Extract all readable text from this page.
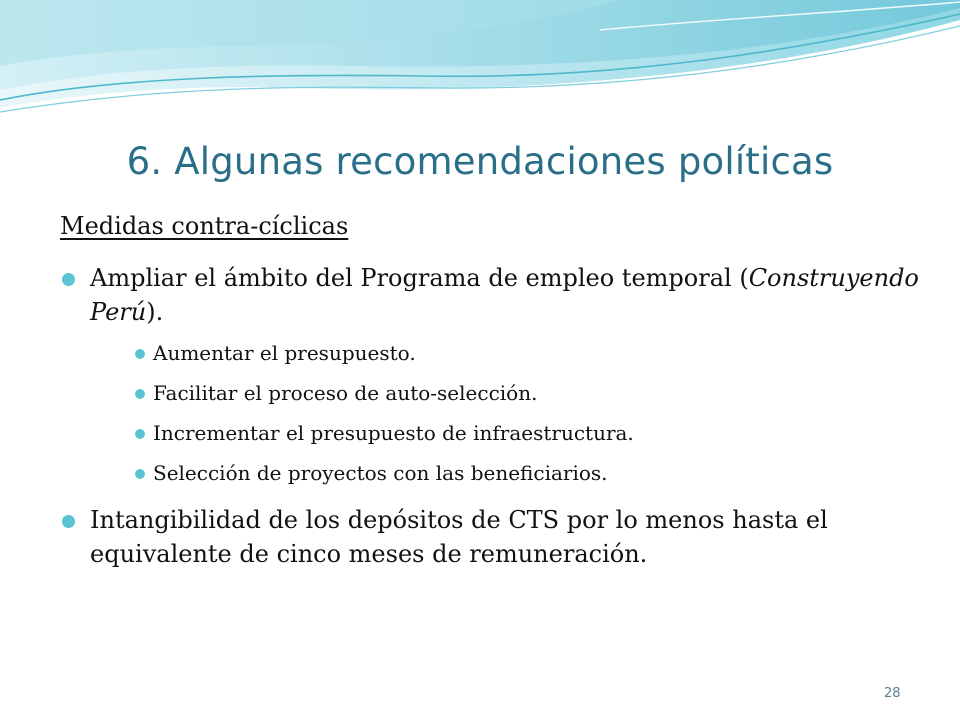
6. Algunas recomendaciones políticas
Medidas contra-cíclicas
Ampliar el ámbito del Programa de empleo temporal (Construyendo Perú).
Aumentar el presupuesto.
Facilitar el proceso de auto-selección.
Incrementar el presupuesto de infraestructura.
Selección de proyectos con las beneficiarios.
Intangibilidad de los depósitos de CTS por lo menos hasta el equivalente de cinco meses de remuneración.
28
